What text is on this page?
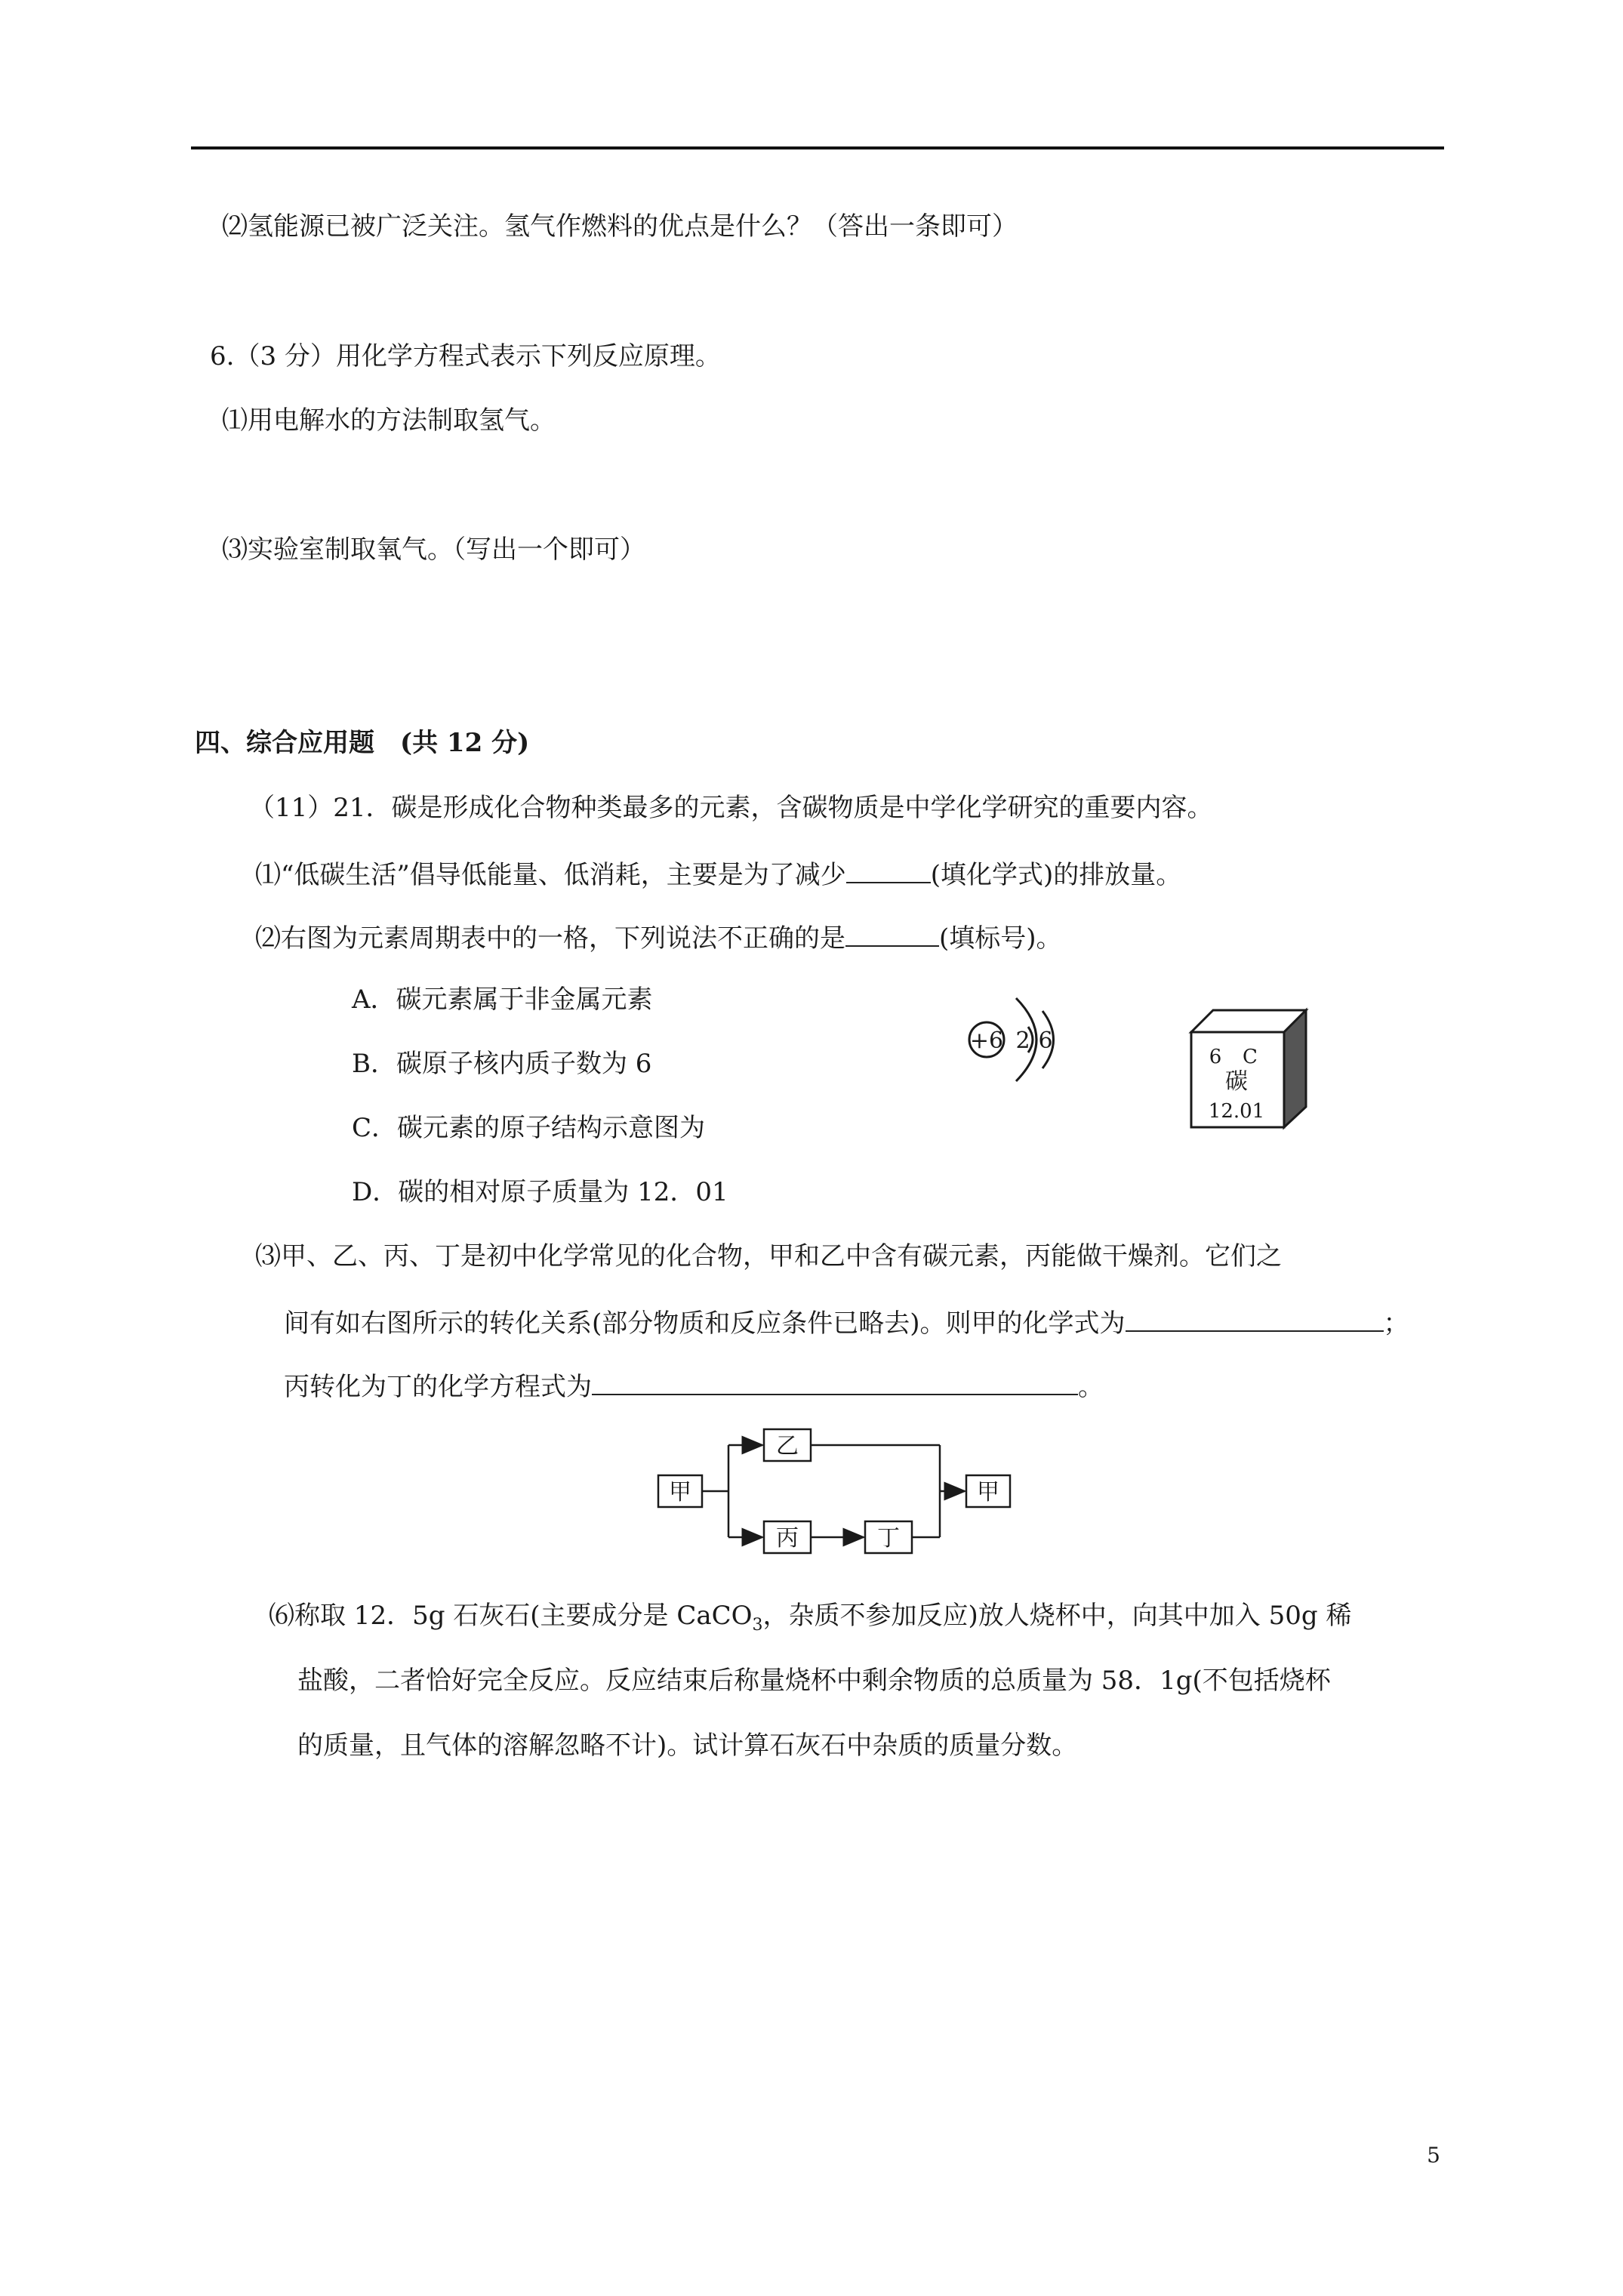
⑵氢能源已被广泛关注。氢气作燃料的优点是什么？（答出一条即可）
6.（3 分）用化学方程式表示下列反应原理。
⑴用电解水的方法制取氢气。
⑶实验室制取氧气。（写出一个即可）
四、综合应用题　(共 12 分)
（11）21．碳是形成化合物种类最多的元素，含碳物质是中学化学研究的重要内容。
⑴“低碳生活”倡导低能量、低消耗，主要是为了减少	(填化学式)的排放量。
⑵右图为元素周期表中的一格，下列说法不正确的是	(填标号)。
A．碳元素属于非金属元素
B．碳原子核内质子数为 6
C．碳元素的原子结构示意图为
D．碳的相对原子质量为 12．01
+6 2 6
6 C
碳
12.01
⑶甲、乙、丙、丁是初中化学常见的化合物，甲和乙中含有碳元素，丙能做干燥剂。它们之
间有如右图所示的转化关系(部分物质和反应条件已略去)。则甲的化学式为	；
丙转化为丁的化学方程式为	。
甲
乙
丙	丁
甲
⑹称取 12．5g 石灰石(主要成分是 CaCO$_3$，杂质不参加反应)放人烧杯中，向其中加入 50g 稀
盐酸，二者恰好完全反应。反应结束后称量烧杯中剩余物质的总质量为 58．1g(不包括烧杯
的质量，且气体的溶解忽略不计)。试计算石灰石中杂质的质量分数。
5
